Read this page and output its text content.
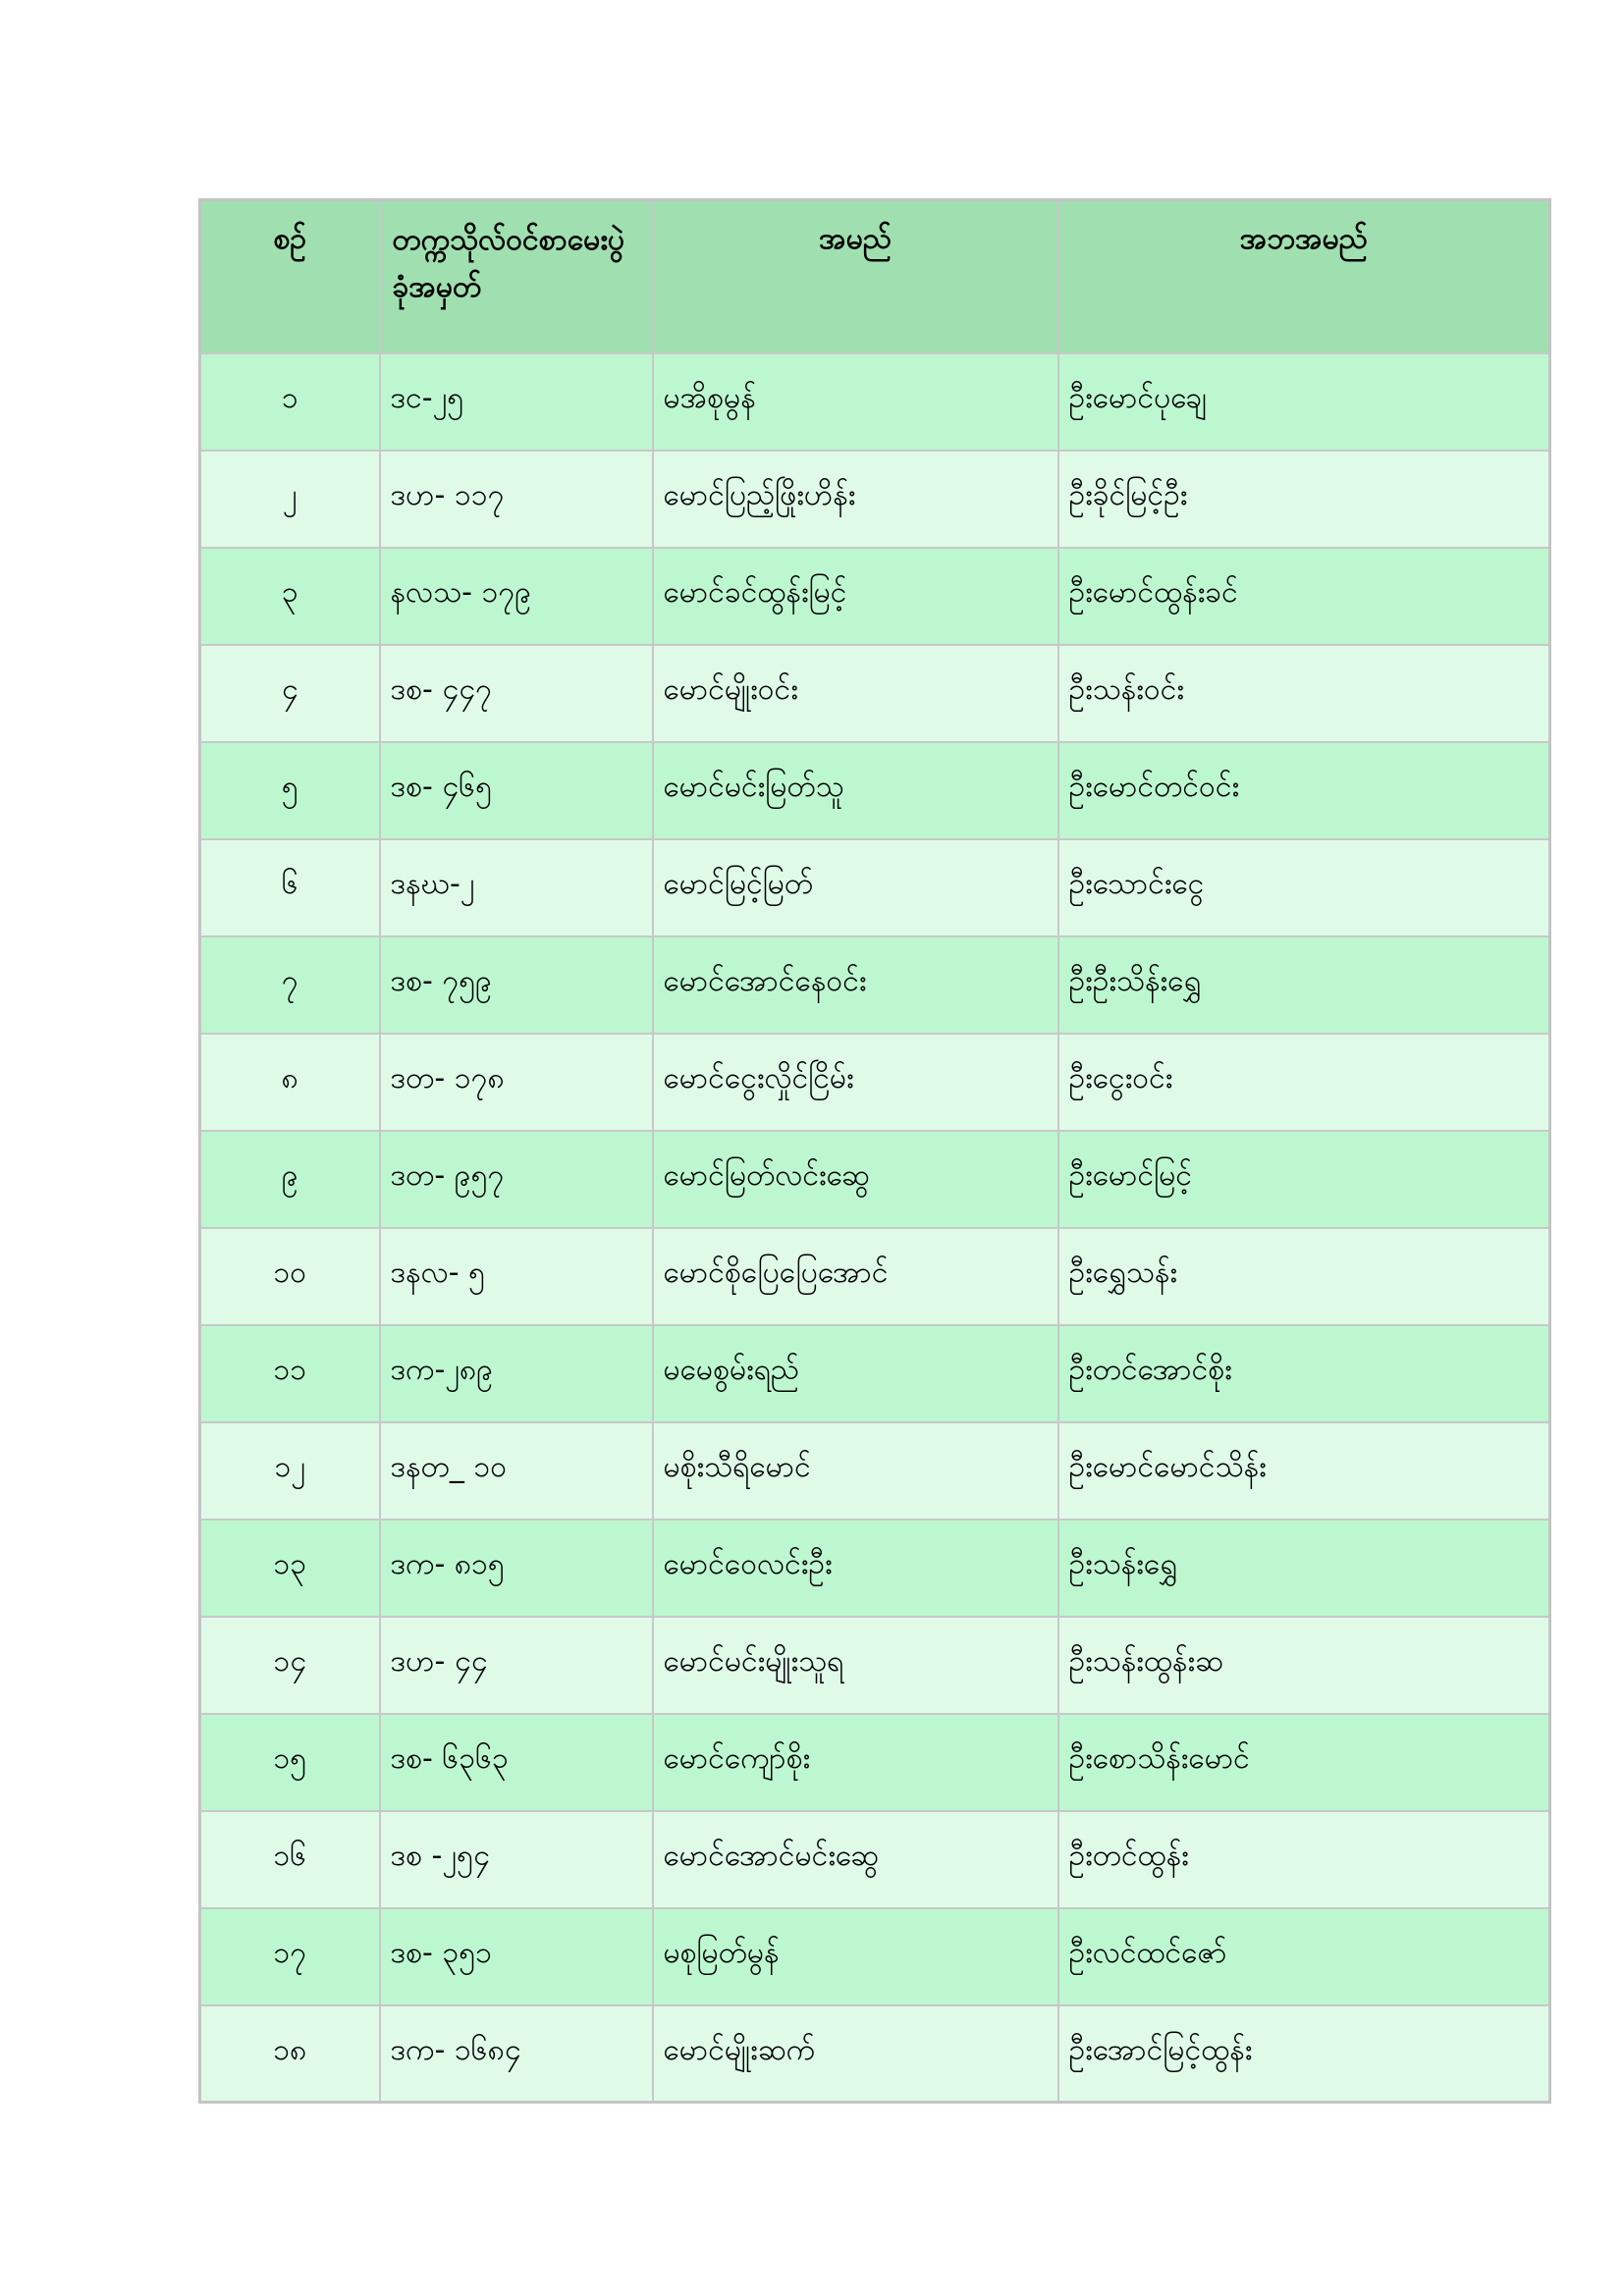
စဉ်	တက္ကသိုလ်ဝင်စာမေးပွဲ ခုံအမှတ်	အမည်	အဘအမည်
၁	ဒင-၂၅	မအိစုမွန်	ဦးမောင်ပုချေ
၂	ဒဟ- ၁၁၇	မောင်ပြည့်ဖြိုးဟိန်း	ဦးခိုင်မြင့်ဦး
၃	နလသ- ၁၇၉	မောင်ခင်ထွန်းမြင့်	ဦးမောင်ထွန်းခင်
၄	ဒစ- ၄၄၇	မောင်မျိုးဝင်း	ဦးသန်းဝင်း
၅	ဒစ- ၄၆၅	မောင်မင်းမြတ်သူ	ဦးမောင်တင်ဝင်း
၆	ဒနဃ-၂	မောင်မြင့်မြတ်	ဦးသောင်းငွေ
၇	ဒစ- ၇၅၉	မောင်အောင်နေဝင်း	ဦးဦးသိန်းရွှေ
၈	ဒတ- ၁၇၈	မောင်ငွေးလှိုင်ငြိမ်း	ဦးငွေးဝင်း
၉	ဒတ- ၉၅၇	မောင်မြတ်လင်းဆွေ	ဦးမောင်မြင့်
၁၀	ဒနလ- ၅	မောင်စိုပြေပြေအောင်	ဦးရွှေသန်း
၁၁	ဒက-၂၈၉	မမေစွမ်းရည်	ဦးတင်အောင်စိုး
၁၂	ဒနတ_ ၁၀	မစိုးသီရိမောင်	ဦးမောင်မောင်သိန်း
၁၃	ဒက- ၈၁၅	မောင်ဝေလင်းဦး	ဦးသန်းရွှေ
၁၄	ဒဟ- ၄၄	မောင်မင်းမျိုးသူရ	ဦးသန်းထွန်းဆ
၁၅	ဒစ- ၆၃၆၃	မောင်ကျော်စိုး	ဦးစောသိန်းမောင်
၁၆	ဒစ -၂၅၄	မောင်အောင်မင်းဆွေ	ဦးတင်ထွန်း
၁၇	ဒစ- ၃၅၁	မစုမြတ်မွန်	ဦးလင်ထင်ဇော်
၁၈	ဒက- ၁၆၈၄	မောင်မျိုးဆက်	ဦးအောင်မြင့်ထွန်း
